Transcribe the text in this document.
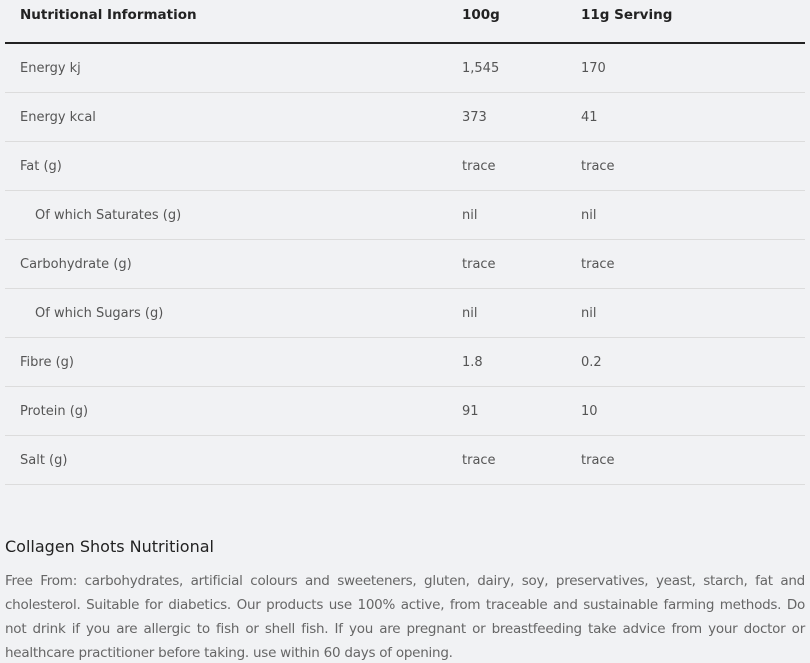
Nutritional Information	100g	11g Serving
Energy kj	1,545	170
Energy kcal	373	41
Fat (g)	trace	trace
Of which Saturates (g)	nil	nil
Carbohydrate (g)	trace	trace
Of which Sugars (g)	nil	nil
Fibre (g)	1.8	0.2
Protein (g)	91	10
Salt (g)	trace	trace
Collagen Shots Nutritional

Free From: carbohydrates, artificial colours and sweeteners, gluten, dairy, soy, preservatives, yeast, starch, fat and cholesterol. Suitable for diabetics. Our products use 100% active, from traceable and sustainable farming methods. Do not drink if you are allergic to fish or shell fish. If you are pregnant or breastfeeding take advice from your doctor or healthcare practitioner before taking. use within 60 days of opening.
